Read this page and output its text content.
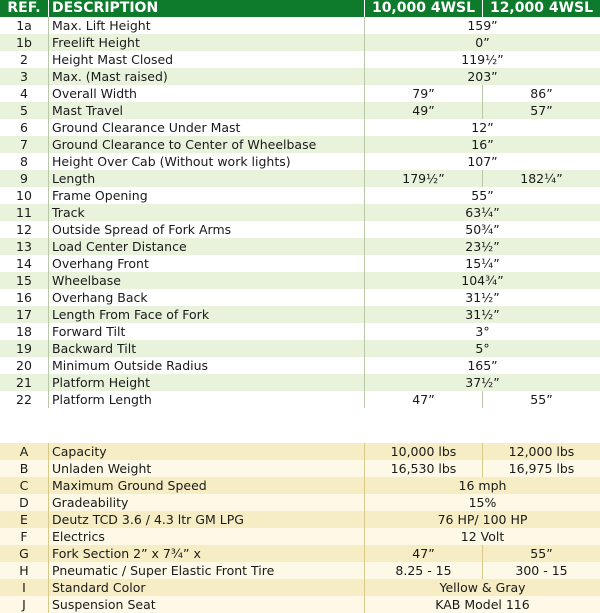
REF. DESCRIPTION	10,000 4WSL	12,000 4WSL
1a	Max. Lift Height	159”
1b	Freelift Height	0”
2	Height Mast Closed	119½”
3	Max. (Mast raised)	203”
4	Overall Width	79”	86”
5	Mast Travel	49”	57”
6	Ground Clearance Under Mast	12”
7	Ground Clearance to Center of Wheelbase	16”
8	Height Over Cab (Without work lights)	107”
9	Length	179½”	182¼”
10	Frame Opening	55”
11	Track	63¼”
12	Outside Spread of Fork Arms	50¾”
13	Load Center Distance	23½”
14	Overhang Front	15¼”
15	Wheelbase	104¾”
16	Overhang Back	31½”
17	Length From Face of Fork	31½”
18	Forward Tilt	3°
19	Backward Tilt	5°
20	Minimum Outside Radius	165”
21	Platform Height	37½”
22	Platform Length	47”	55”
A	Capacity	10,000 lbs	12,000 lbs
B	Unladen Weight	16,530 lbs	16,975 lbs
C	Maximum Ground Speed	16 mph
D	Gradeability	15%
E	Deutz TCD 3.6 / 4.3 ltr GM LPG	76 HP/ 100 HP
F	Electrics	12 Volt
G	Fork Section 2” x 7¾” x	47”	55”
H	Pneumatic / Super Elastic Front Tire	8.25 - 15	300 - 15
I	Standard Color	Yellow & Gray
J	Suspension Seat	KAB Model 116
